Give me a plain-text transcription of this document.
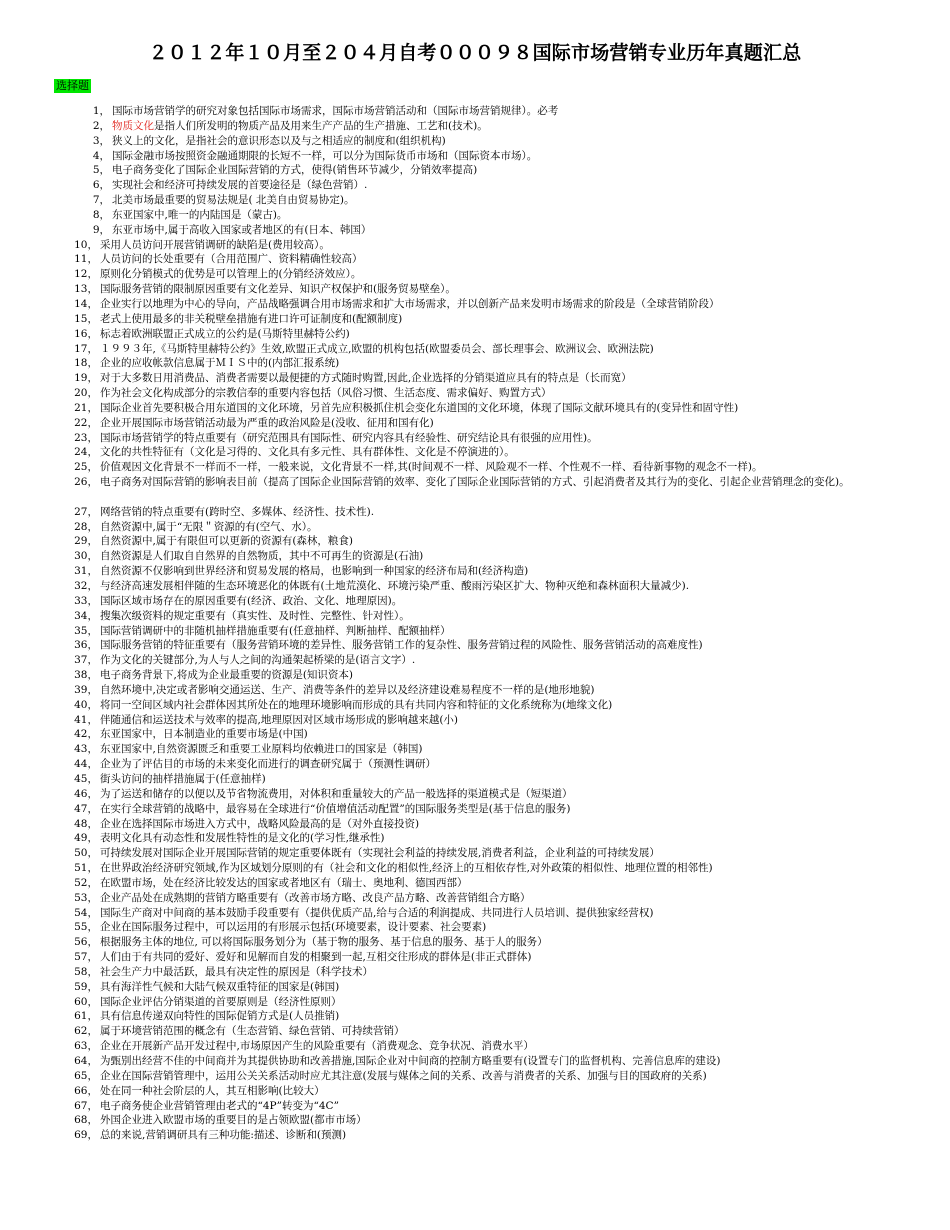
２０１２年１０月至２０４月自考０００９８国际市场营销专业历年真题汇总
选择题
1， 国际市场营销学的研究对象包括国际市场需求，国际市场营销活动和（国际市场营销规律）。必考
2， 物质文化是指人们所发明的物质产品及用来生产产品的生产措施、工艺和(技术)。
3， 狭义上的文化，是指社会的意识形态以及与之相适应的制度和(组织机构)
4， 国际金融市场按照资金融通期限的长短不一样，可以分为国际货币市场和（国际资本市场）。
5， 电子商务变化了国际企业国际营销的方式，使得(销售环节减少，分销效率提高)
6， 实现社会和经济可持续发展的首要途径是（绿色营销）.
7， 北美市场最重要的贸易法规是( 北美自由贸易协定)。
8， 东亚国家中,唯一的内陆国是（蒙古)。
9， 东亚市场中,属于高收入国家或者地区的有(日本、韩国）
10， 采用人员访问开展营销调研的缺陷是(费用较高）。
11， 人员访问的长处重要有（合用范围广、资料精确性较高）
12， 原则化分销模式的优势是可以管理上的(分销经济效应）。
13， 国际服务营销的限制原因重要有文化差异、知识产权保护和(服务贸易壁垒）。
14， 企业实行以地理为中心的导向，产品战略强调合用市场需求和扩大市场需求，并以创新产品来发明市场需求的阶段是（全球营销阶段）
15， 老式上使用最多的非关税壁垒措施有进口许可证制度和(配额制度)
16， 标志着欧洲联盟正式成立的公约是(马斯特里赫特公约)
17， １９９３年,《马斯特里赫特公约》生效,欧盟正式成立,欧盟的机构包括(欧盟委员会、部长理事会、欧洲议会、欧洲法院)
18， 企业的应收帐款信息属于ＭＩＳ中的(内部汇报系统)
19， 对于大多数日用消费品、消费者需要以最便捷的方式随时购置,因此,企业选择的分销渠道应具有的特点是（长而宽）
20， 作为社会文化构成部分的宗教信奉的重要内容包括（风俗习惯、生活态度、需求偏好、购置方式）
21， 国际企业首先要积极合用东道国的文化环境，另首先应积极抓住机会变化东道国的文化环境，体现了国际文献环境具有的(变异性和固守性)
22， 企业开展国际市场营销活动最为严重的政治风险是(没收、征用和国有化)
23， 国际市场营销学的特点重要有（研究范围具有国际性、研究内容具有经验性、研究结论具有很强的应用性)。
24， 文化的共性特征有（文化是习得的、文化具有多元性、具有群体性、文化是不停演进的）。
25， 价值观因文化背景不一样而不一样，一般来说，文化背景不一样,其(时间观不一样、风险观不一样、个性观不一样、看待新事物的观念不一样)。
26， 电子商务对国际营销的影响表目前（提高了国际企业国际营销的效率、变化了国际企业国际营销的方式、引起消费者及其行为的变化、引起企业营销理念的变化)。
27， 网络营销的特点重要有(跨时空、多媒体、经济性、技术性).
28， 自然资源中,属于“无限＂资源的有(空气、水）。
29， 自然资源中,属于有限但可以更新的资源有(森林，粮食)
30， 自然资源是人们取自自然界的自然物质，其中不可再生的资源是(石油)
31， 自然资源不仅影响到世界经济和贸易发展的格局，也影响到一种国家的经济布局和(经济构造)
32， 与经济高速发展相伴随的生态环境恶化的体既有(土地荒漠化、环境污染严重、酸雨污染区扩大、物种灭绝和森林面积大量减少).
33， 国际区域市场存在的原因重要有(经济、政治、文化、地理原因)。
34， 搜集次级资料的规定重要有（真实性、及时性、完整性、针对性）。
35， 国际营销调研中的非随机抽样措施重要有(任意抽样、判断抽样、配额抽样）
36， 国际服务营销的特征重要有（服务营销环境的差异性、服务营销工作的复杂性、服务营销过程的风险性、服务营销活动的高难度性)
37， 作为文化的关键部分,为人与人之间的沟通架起桥梁的是(语言文字）.
38， 电子商务背景下,将成为企业最重要的资源是(知识资本)
39， 自然环境中,决定或者影响交通运送、生产、消费等条件的差异以及经济建设难易程度不一样的是(地形地貌)
40， 将同一空间区域内社会群体因其所处在的地理环境影响而形成的具有共同内容和特征的文化系统称为(地缘文化)
41， 伴随通信和运送技术与效率的提高,地理原因对区域市场形成的影响越来越(小)
42， 东亚国家中，日本制造业的重要市场是(中国)
43， 东亚国家中,自然资源匮乏和重要工业原料均依赖进口的国家是（韩国)
44， 企业为了评估目的市场的未来变化而进行的调查研究属于（预测性调研）
45， 街头访问的抽样措施属于(任意抽样)
46， 为了运送和储存的以便以及节省物流费用，对体积和重量较大的产品一般选择的渠道模式是（短渠道）
47， 在实行全球营销的战略中，最容易在全球进行“价值增值活动配置”的国际服务类型是(基于信息的服务)
48， 企业在选择国际市场进入方式中，战略风险最高的是（对外直接投资)
49， 表明文化具有动态性和发展性特性的是文化的(学习性,继承性)
50， 可持续发展对国际企业开展国际营销的规定重要体既有（实现社会利益的持续发展,消费者利益，企业利益的可持续发展）
51， 在世界政治经济研究领域,作为区域划分原则的有（社会和文化的相似性,经济上的互相依存性,对外政策的相似性、地理位置的相邻性)
52， 在欧盟市场，处在经济比较发达的国家或者地区有（瑞士、奥地利、德国西部）
53， 企业产品处在成熟期的营销方略重要有（改善市场方略、改良产品方略、改善营销组合方略）
54， 国际生产商对中间商的基本鼓励手段重要有（提供优质产品,给与合适的利润提成、共同进行人员培训、提供独家经营权)
55， 企业在国际服务过程中，可以运用的有形展示包括(环境要素，设计要素、社会要素)
56， 根据服务主体的地位, 可以将国际服务划分为（基于物的服务、基于信息的服务、基于人的服务）
57， 人们由于有共同的爱好、爱好和见解而自发的相聚到一起,互相交往形成的群体是(非正式群体)
58， 社会生产力中最活跃，最具有决定性的原因是（科学技术）
59， 具有海洋性气候和大陆气候双重特征的国家是(韩国)
60， 国际企业评估分销渠道的首要原则是（经济性原则）
61， 具有信息传递双向特性的国际促销方式是(人员推销)
62， 属于环境营销范围的概念有（生态营销、绿色营销、可持续营销）
63， 企业在开展新产品开发过程中,市场原因产生的风险重要有（消费观念、竞争状况、消费水平）
64， 为甄别出经营不佳的中间商并为其提供协助和改善措施,国际企业对中间商的控制方略重要有(设置专门的监督机构、完善信息库的建设)
65， 企业在国际营销管理中，运用公关关系活动时应尤其注意(发展与媒体之间的关系、改善与消费者的关系、加强与目的国政府的关系)
66， 处在同一种社会阶层的人，其互相影响(比较大）
67， 电子商务使企业营销管理由老式的“4P”转变为“4C”
68， 外国企业进入欧盟市场的重要目的是占领欧盟(都市市场）
69， 总的来说,营销调研具有三种功能:描述、诊断和(预测)
